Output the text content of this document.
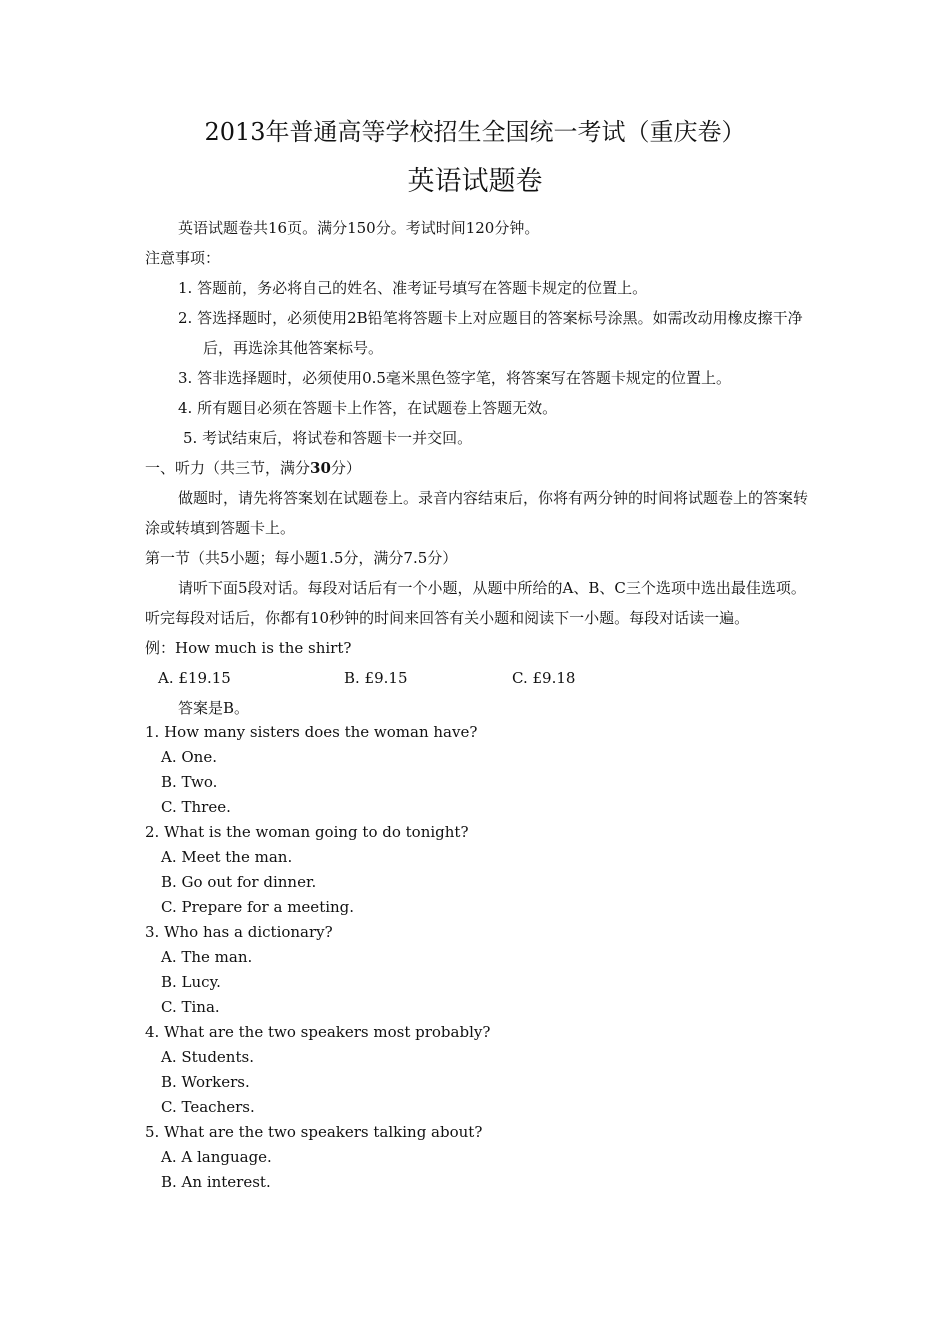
2013年普通高等学校招生全国统一考试（重庆卷）
英语试题卷

英语试题卷共16页。满分150分。考试时间120分钟。

注意事项：

1. 答题前，务必将自己的姓名、准考证号填写在答题卡规定的位置上。

2. 答选择题时，必须使用2B铅笔将答题卡上对应题目的答案标号涂黑。如需改动用橡皮擦干净后，再选涂其他答案标号。

3. 答非选择题时，必须使用0.5毫米黑色签字笔，将答案写在答题卡规定的位置上。

4. 所有题目必须在答题卡上作答，在试题卷上答题无效。

5. 考试结束后，将试卷和答题卡一并交回。

一、听力（共三节，满分30分）

做题时，请先将答案划在试题卷上。录音内容结束后，你将有两分钟的时间将试题卷上的答案转涂或转填到答题卡上。

第一节（共5小题；每小题1.5分，满分7.5分）

请听下面5段对话。每段对话后有一个小题，从题中所给的A、B、C三个选项中选出最佳选项。听完每段对话后，你都有10秒钟的时间来回答有关小题和阅读下一小题。每段对话读一遍。

例：How much is the shirt?

A. £19.15	B. £9.15	C. £9.18

答案是B。

1. How many sisters does the woman have?

A. One.

B. Two.

C. Three.

2. What is the woman going to do tonight?

A. Meet the man.

B. Go out for dinner.

C. Prepare for a meeting.

3. Who has a dictionary?

A. The man.

B. Lucy.

C. Tina.

4. What are the two speakers most probably?

A. Students.

B. Workers.

C. Teachers.

5. What are the two speakers talking about?

A. A language.

B. An interest.
